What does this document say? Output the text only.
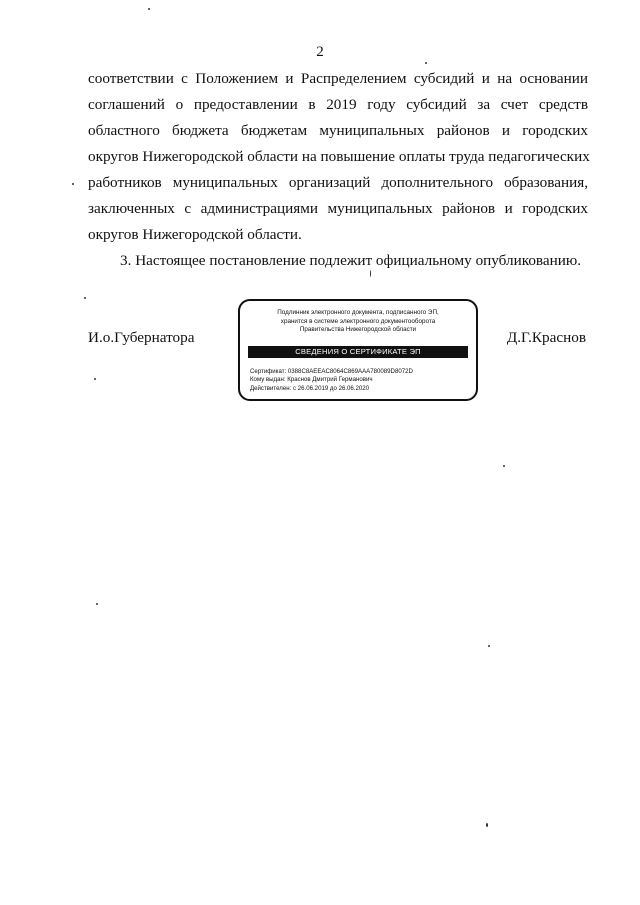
2
соответствии с Положением и Распределением субсидий и на основании
соглашений о предоставлении в 2019 году субсидий за счет средств
областного бюджета бюджетам муниципальных районов и городских
округов Нижегородской области на повышение оплаты труда педагогических
работников муниципальных организаций дополнительного образования,
заключенных с администрациями муниципальных районов и городских
округов Нижегородской области.
3. Настоящее постановление подлежит официальному опубликованию.
И.о.Губернатора
Подлинник электронного документа, подписанного ЭП,
хранится в системе электронного документооборота
Правительства Нижегородской области
СВЕДЕНИЯ О СЕРТИФИКАТЕ ЭП
Сертификат: 0388C8AEEAC8064C869AAA780089D8072D
Кому выдан: Краснов Дмитрий Германович
Действителен: с 26.06.2019 до 26.06.2020
Д.Г.Краснов
